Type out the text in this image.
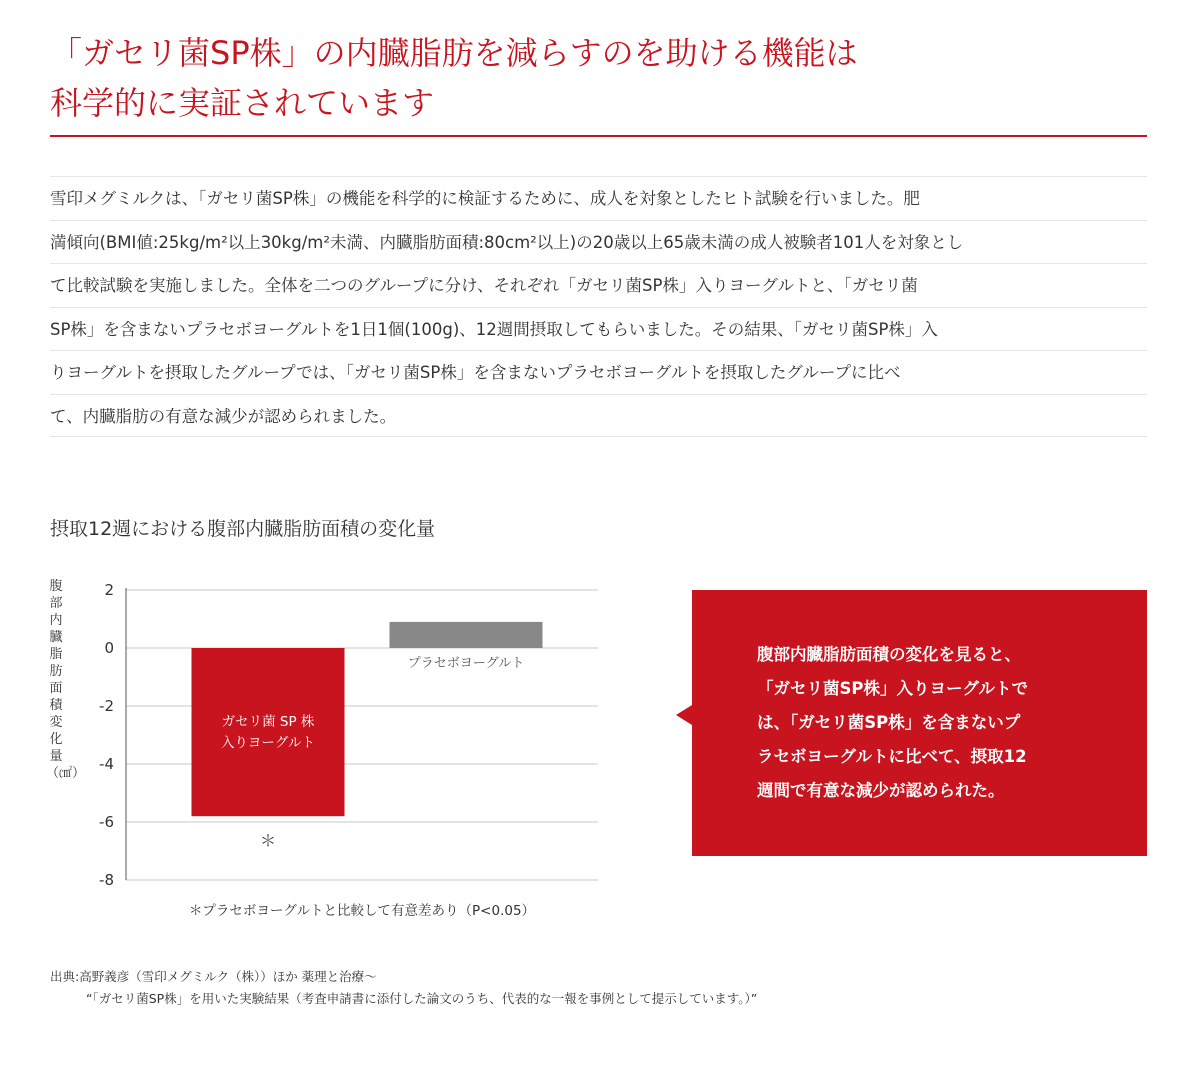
「ガセリ菌SP株」の内臓脂肪を減らすのを助ける機能は
科学的に実証されています
雪印メグミルクは、「ガセリ菌SP株」の機能を科学的に検証するために、成人を対象としたヒト試験を行いました。肥
満傾向(BMI値:25kg/m²以上30kg/m²未満、内臓脂肪面積:80cm²以上)の20歳以上65歳未満の成人被験者101人を対象とし
て比較試験を実施しました。全体を二つのグループに分け、それぞれ「ガセリ菌SP株」入りヨーグルトと、「ガセリ菌
SP株」を含まないプラセボヨーグルトを1日1個(100g)、12週間摂取してもらいました。その結果、「ガセリ菌SP株」入
りヨーグルトを摂取したグループでは、「ガセリ菌SP株」を含まないプラセボヨーグルトを摂取したグループに比べ
て、内臓脂肪の有意な減少が認められました。
摂取12週における腹部内臓脂肪面積の変化量
腹部内臓脂肪面積変化量（㎠）
2
0
-2
-4
-6
-8
ガセリ菌 SP 株
入りヨーグルト
プラセボヨーグルト
＊
＊プラセボヨーグルトと比較して有意差あり（P<0.05）
腹部内臓脂肪面積の変化を見ると、
「ガセリ菌SP株」入りヨーグルトで
は、「ガセリ菌SP株」を含まないプ
ラセボヨーグルトに比べて、摂取12
週間で有意な減少が認められた。
出典:高野義彦（雪印メグミルク（株））ほか 薬理と治療～
“「ガセリ菌SP株」を用いた実験結果（考査申請書に添付した論文のうち、代表的な一報を事例として提示しています。）”
